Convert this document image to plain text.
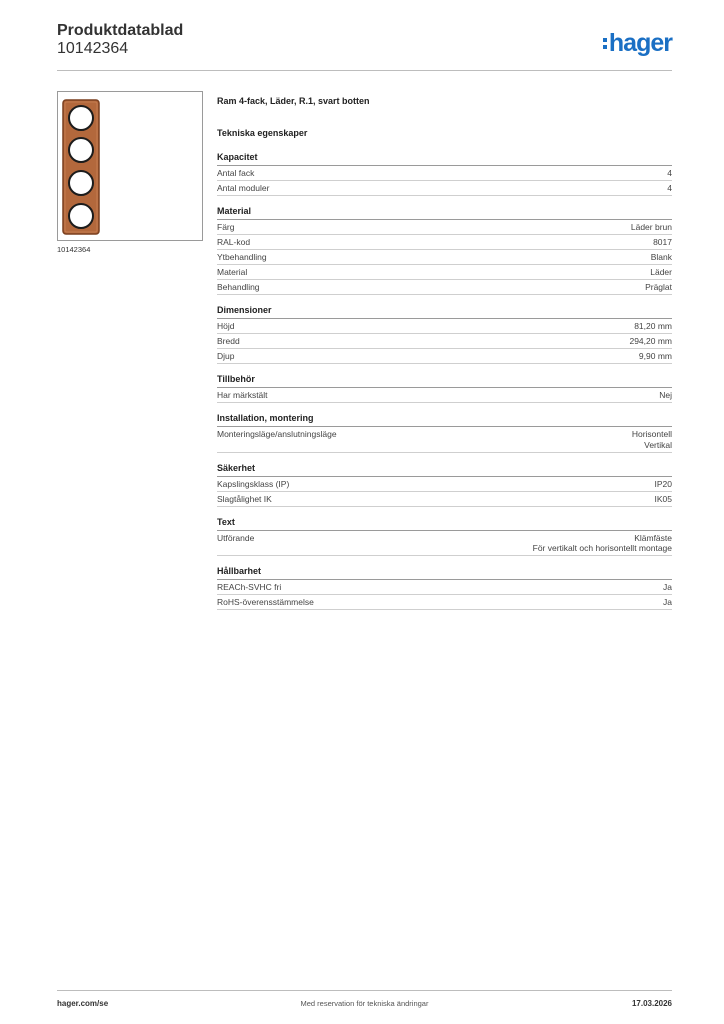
Produktdatablad
10142364	hager
10142364
Ram 4-fack, Läder, R.1, svart botten
Tekniska egenskaper
Kapacitet
Antal fack	4
Antal moduler	4
Material
Färg	Läder brun
RAL-kod	8017
Ytbehandling	Blank
Material	Läder
Behandling	Präglat
Dimensioner
Höjd	81,20 mm
Bredd	294,20 mm
Djup	9,90 mm
Tillbehör
Har märkstält	Nej
Installation, montering
Monteringsläge/anslutningsläge	Horisontell
Vertikal
Säkerhet
Kapslingsklass (IP)	IP20
Slagtålighet IK	IK05
Text
Utförande	Klämfäste
För vertikalt och horisontellt montage
Hållbarhet
REACh-SVHC fri	Ja
RoHS-överensstämmelse	Ja
hager.com/se	Med reservation för tekniska ändringar	17.03.2026
